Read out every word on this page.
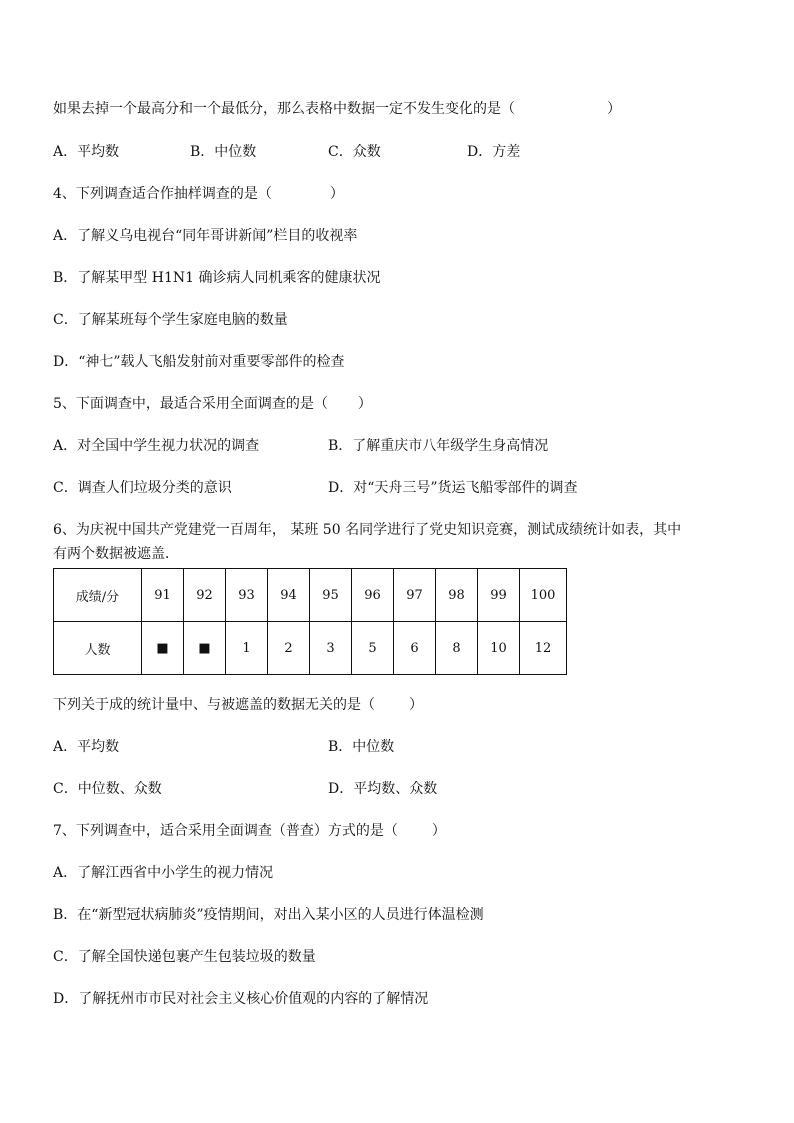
如果去掉一个最高分和一个最低分，那么表格中数据一定不发生变化的是（	）
A．平均数	B．中位数	C．众数	D．方差
4、下列调查适合作抽样调查的是（	）
A．了解义乌电视台“同年哥讲新闻”栏目的收视率
B．了解某甲型 H1N1 确诊病人同机乘客的健康状况
C．了解某班每个学生家庭电脑的数量
D．“神七”载人飞船发射前对重要零部件的检查
5、下面调查中，最适合采用全面调查的是（ ）
A．对全国中学生视力状况的调查	B．了解重庆市八年级学生身高情况
C．调查人们垃圾分类的意识	D．对“天舟三号”货运飞船零部件的调查
6、为庆祝中国共产党建党一百周年， 某班 50 名同学进行了党史知识竞赛，测试成绩统计如表，其中
有两个数据被遮盖．
成绩/分	91	92	93	94	95	96	97	98	99	100
人数	■	■	1	2	3	5	6	8	10	12
下列关于成的统计量中、与被遮盖的数据无关的是（ ）
A．平均数	B．中位数
C．中位数、众数	D．平均数、众数
7、下列调查中，适合采用全面调查（普查）方式的是（ ）
A．了解江西省中小学生的视力情况
B．在“新型冠状病肺炎”疫情期间，对出入某小区的人员进行体温检测
C．了解全国快递包裹产生包装垃圾的数量
D．了解抚州市市民对社会主义核心价值观的内容的了解情况
